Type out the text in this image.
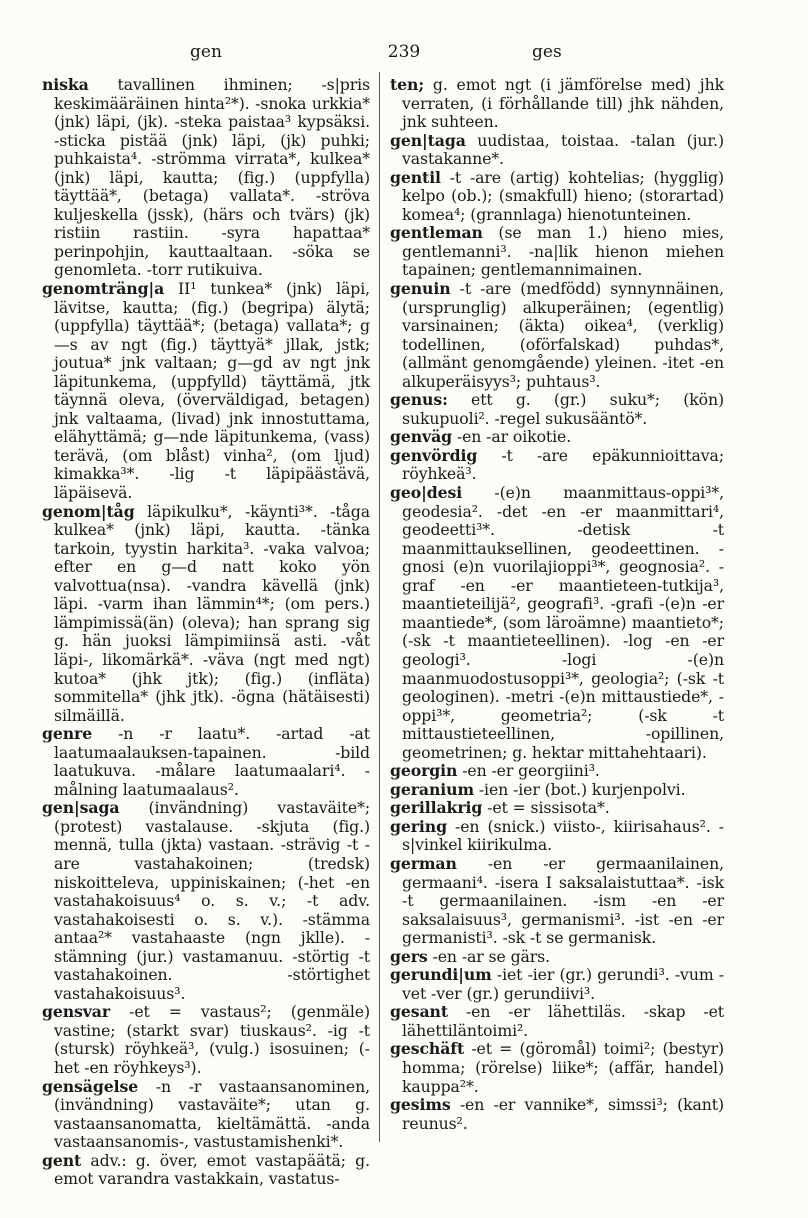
gen	239	ges

niska tavallinen ihminen; -s|pris keskimääräinen hinta²*). -snoka urkkia* (jnk) läpi, (jk). -steka paistaa³ kypsäksi. -sticka pistää (jnk) läpi, (jk) puhki; puhkaista⁴. -strömma virrata*, kulkea* (jnk) läpi, kautta; (fig.) (uppfylla) täyttää*, (betaga) vallata*. -ströva kuljeskella (jssk), (härs och tvärs) (jk) ristiin rastiin. -syra hapattaa* perinpohjin, kauttaaltaan. -söka se genomleta. -torr rutikuiva.

genomträng|a II¹ tunkea* (jnk) läpi, lävitse, kautta; (fig.) (begripa) älytä; (uppfylla) täyttää*; (betaga) vallata*; g—s av ngt (fig.) täyttyä* jllak, jstk; joutua* jnk valtaan; g—gd av ngt jnk läpitunkema, (uppfylld) täyttämä, jtk täynnä oleva, (överväldigad, betagen) jnk valtaama, (livad) jnk innostuttama, elähyttämä; g—nde läpitunkema, (vass) terävä, (om blåst) vinha², (om ljud) kimakka³*. -lig -t läpipäästävä, läpäisevä.

genom|tåg läpikulku*, -käynti³*. -tåga kulkea* (jnk) läpi, kautta. -tänka tarkoin, tyystin harkita³. -vaka valvoa; efter en g—d natt koko yön valvottua(nsa). -vandra kävellä (jnk) läpi. -varm ihan lämmin⁴*; (om pers.) lämpimissä(än) (oleva); han sprang sig g. hän juoksi lämpimiinsä asti. -våt läpi-, likomärkä*. -väva (ngt med ngt) kutoa* (jhk jtk); (fig.) (infläta) sommitella* (jhk jtk). -ögna (hätäisesti) silmäillä.

genre -n -r laatu*. -artad -at laatumaalauksen-tapainen. -bild laatukuva. -målare laatumaalari⁴. -målning laatumaalaus².

gen|saga (invändning) vastaväite*; (protest) vastalause. -skjuta (fig.) mennä, tulla (jkta) vastaan. -strävig -t -are vastahakoinen; (tredsk) niskoitteleva, uppiniskainen; (-het -en vastahakoisuus⁴ o. s. v.; -t adv. vastahakoisesti o. s. v.). -stämma antaa²* vastahaaste (ngn jklle). -stämning (jur.) vastamanuu. -störtig -t vastahakoinen. -störtighet vastahakoisuus³.

gensvar -et = vastaus²; (genmäle) vastine; (starkt svar) tiuskaus². -ig -t (stursk) röyhkeä³, (vulg.) isosuinen; (-het -en röyhkeys³).

gensägelse -n -r vastaansanominen, (invändning) vastaväite*; utan g. vastaansanomatta, kieltämättä. -anda vastaansanomis-, vastustamishenki*.

gent adv.: g. över, emot vastapäätä; g. emot varandra vastakkain, vastatus-

ten; g. emot ngt (i jämförelse med) jhk verraten, (i förhållande till) jhk nähden, jnk suhteen.

gen|taga uudistaa, toistaa. -talan (jur.) vastakanne*.

gentil -t -are (artig) kohtelias; (hygglig) kelpo (ob.); (smakfull) hieno; (storartad) komea⁴; (grannlaga) hienotunteinen.

gentleman (se man 1.) hieno mies, gentlemanni³. -na|lik hienon miehen tapainen; gentlemannimainen.

genuin -t -are (medfödd) synnynnäinen, (ursprunglig) alkuperäinen; (egentlig) varsinainen; (äkta) oikea⁴, (verklig) todellinen, (oförfalskad) puhdas*, (allmänt genomgående) yleinen. -itet -en alkuperäisyys³; puhtaus³.

genus: ett g. (gr.) suku*; (kön) sukupuoli². -regel sukusääntö*.

genväg -en -ar oikotie.

genvördig -t -are epäkunnioittava; röyhkeä³.

geo|desi -(e)n maanmittaus-oppi³*, geodesia². -det -en -er maanmittari⁴, geodeetti³*. -detisk -t maanmittauksellinen, geodeettinen. -gnosi (e)n vuorilajioppi³*, geognosia². -graf -en -er maantieteen-tutkija³, maantieteilijä², geografi³. -grafi -(e)n -er maantiede*, (som läroämne) maantieto*; (-sk -t maantieteellinen). -log -en -er geologi³. -logi -(e)n maanmuodostusoppi³*, geologia²; (-sk -t geologinen). -metri -(e)n mittaustiede*, -oppi³*, geometria²; (-sk -t mittaustieteellinen, -opillinen, geometrinen; g. hektar mittahehtaari).

georgin -en -er georgiini³.

geranium -ien -ier (bot.) kurjenpolvi.

gerillakrig -et = sissisota*.

gering -en (snick.) viisto-, kiirisahaus². -s|vinkel kiirikulma.

german -en -er germaanilainen, germaani⁴. -isera I saksalaistuttaa*. -isk -t germaanilainen. -ism -en -er saksalaisuus³, germanismi³. -ist -en -er germanisti³. -sk -t se germanisk.

gers -en -ar se gärs.

gerundi|um -iet -ier (gr.) gerundi³. -vum -vet -ver (gr.) gerundiivi³.

gesant -en -er lähettiläs. -skap -et lähettiläntoimi².

geschäft -et = (göromål) toimi²; (bestyr) homma; (rörelse) liike*; (affär, handel) kauppa²*.

gesims -en -er vannike*, simssi³; (kant) reunus².
